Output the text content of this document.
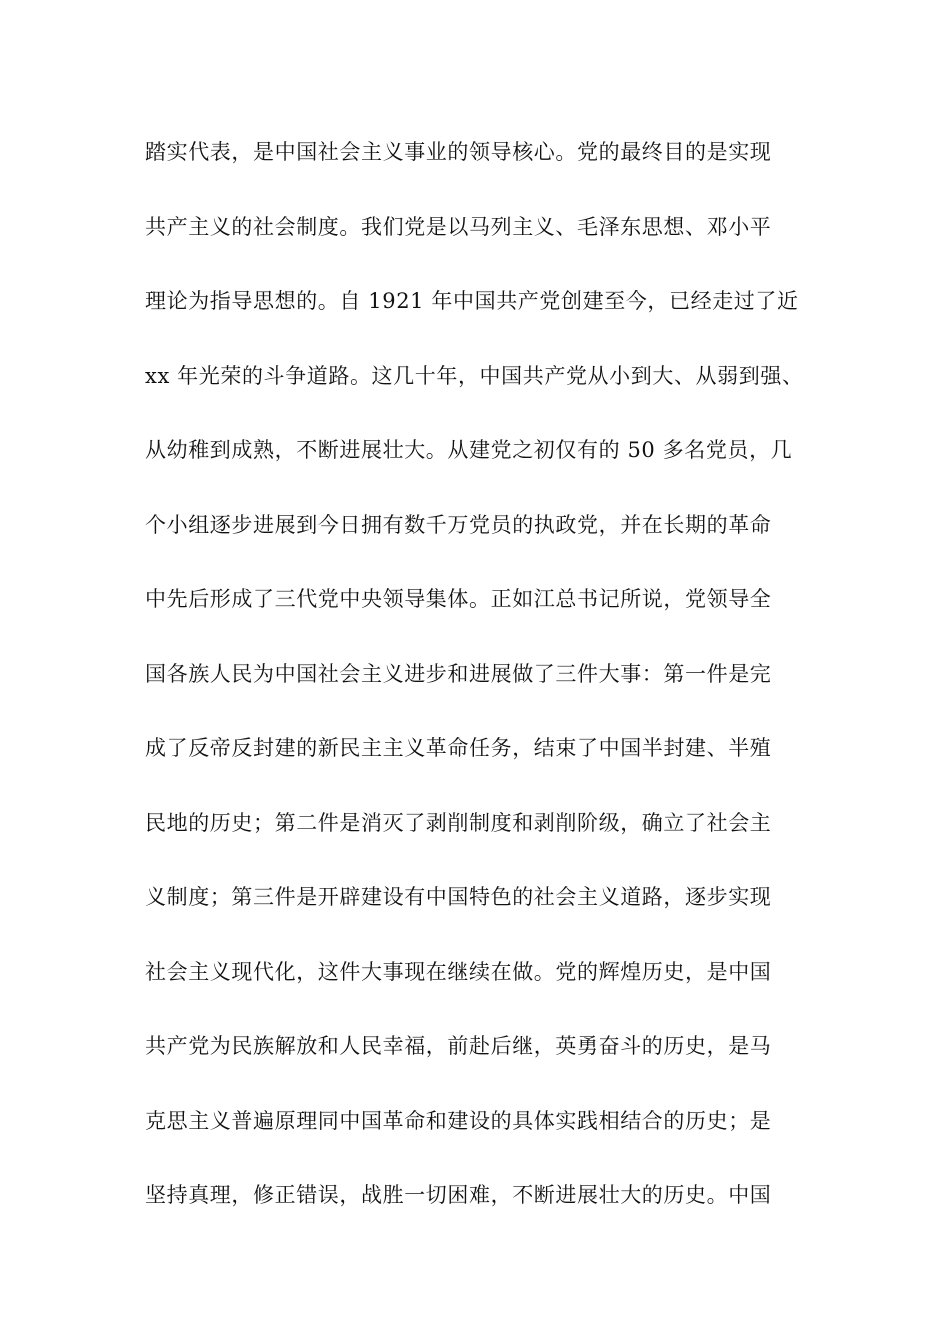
踏实代表，是中国社会主义事业的领导核心。党的最终目的是实现
共产主义的社会制度。我们党是以马列主义、毛泽东思想、邓小平
理论为指导思想的。自 1921 年中国共产党创建至今，已经走过了近
xx 年光荣的斗争道路。这几十年，中国共产党从小到大、从弱到强、
从幼稚到成熟，不断进展壮大。从建党之初仅有的 50 多名党员，几
个小组逐步进展到今日拥有数千万党员的执政党，并在长期的革命
中先后形成了三代党中央领导集体。正如江总书记所说，党领导全
国各族人民为中国社会主义进步和进展做了三件大事：第一件是完
成了反帝反封建的新民主主义革命任务，结束了中国半封建、半殖
民地的历史；第二件是消灭了剥削制度和剥削阶级，确立了社会主
义制度；第三件是开辟建设有中国特色的社会主义道路，逐步实现
社会主义现代化，这件大事现在继续在做。党的辉煌历史，是中国
共产党为民族解放和人民幸福，前赴后继，英勇奋斗的历史，是马
克思主义普遍原理同中国革命和建设的具体实践相结合的历史；是
坚持真理，修正错误，战胜一切困难，不断进展壮大的历史。中国
